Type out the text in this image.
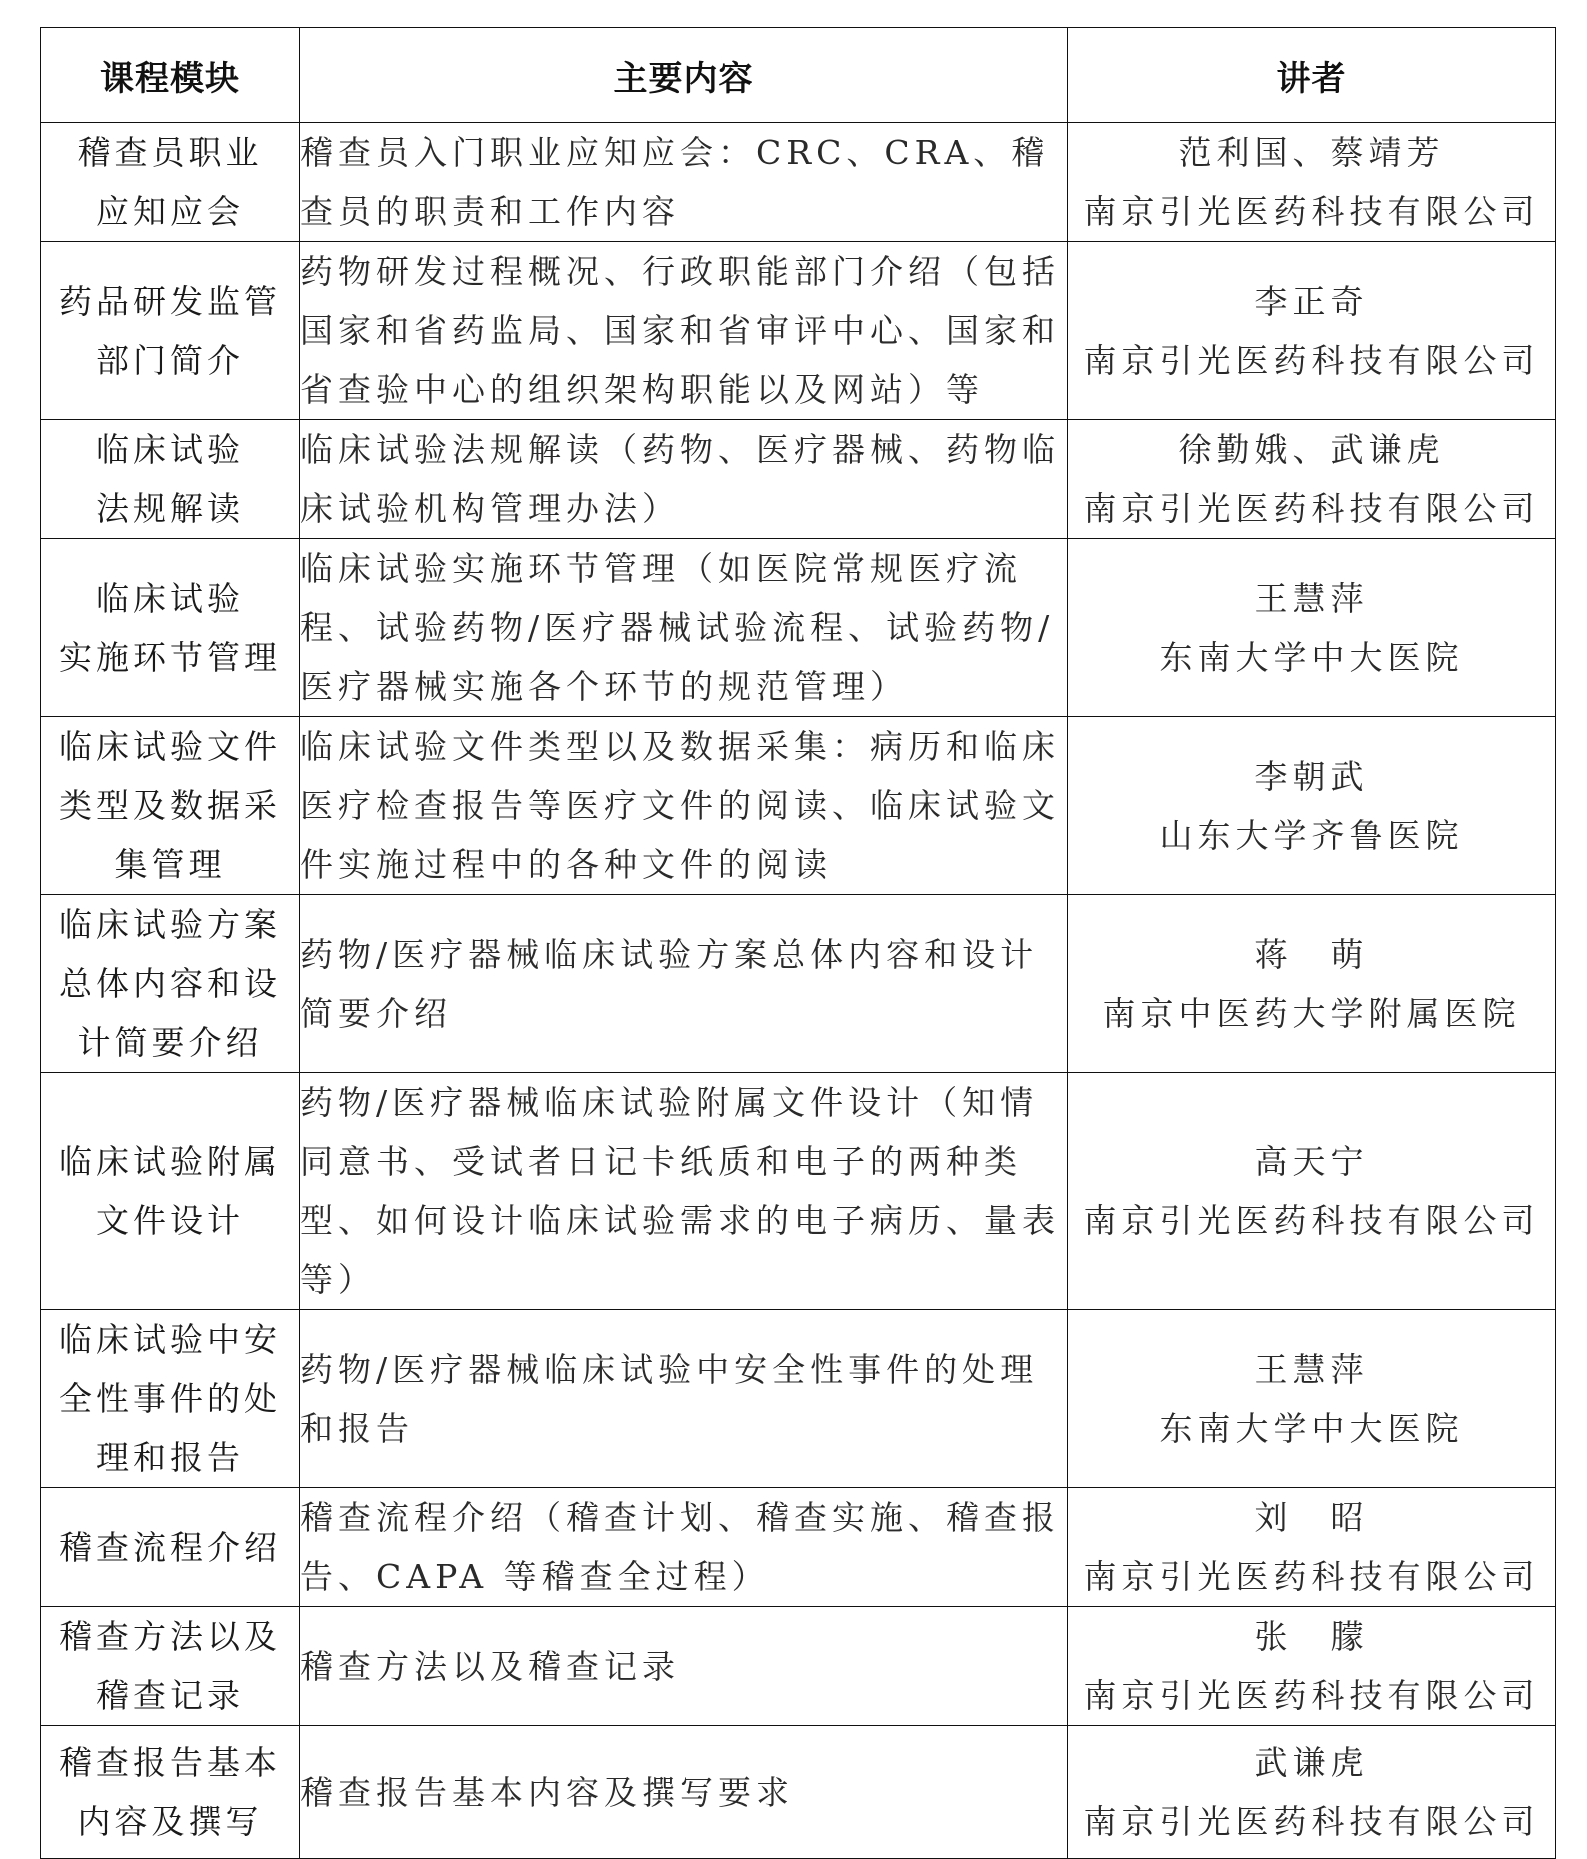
课程模块	主要内容	讲者

稽查员职业
应知应会	稽查员入门职业应知应会：CRC、CRA、稽查员的职责和工作内容	范利国、蔡靖芳
南京引光医药科技有限公司

药品研发监管
部门简介	药物研发过程概况、行政职能部门介绍（包括国家和省药监局、国家和省审评中心、国家和省查验中心的组织架构职能以及网站）等	李正奇
南京引光医药科技有限公司

临床试验
法规解读	临床试验法规解读（药物、医疗器械、药物临床试验机构管理办法）	徐勤娥、武谦虎
南京引光医药科技有限公司

临床试验
实施环节管理	临床试验实施环节管理（如医院常规医疗流程、试验药物/医疗器械试验流程、试验药物/医疗器械实施各个环节的规范管理）	王慧萍
东南大学中大医院

临床试验文件
类型及数据采
集管理	临床试验文件类型以及数据采集：病历和临床医疗检查报告等医疗文件的阅读、临床试验文件实施过程中的各种文件的阅读	李朝武
山东大学齐鲁医院

临床试验方案
总体内容和设
计简要介绍	药物/医疗器械临床试验方案总体内容和设计简要介绍	蒋　萌
南京中医药大学附属医院

临床试验附属
文件设计	药物/医疗器械临床试验附属文件设计（知情同意书、受试者日记卡纸质和电子的两种类型、如何设计临床试验需求的电子病历、量表等）	高天宁
南京引光医药科技有限公司

临床试验中安
全性事件的处
理和报告	药物/医疗器械临床试验中安全性事件的处理和报告	王慧萍
东南大学中大医院

稽查流程介绍	稽查流程介绍（稽查计划、稽查实施、稽查报告、CAPA 等稽查全过程）	刘　昭
南京引光医药科技有限公司

稽查方法以及
稽查记录	稽查方法以及稽查记录	张　朦
南京引光医药科技有限公司

稽查报告基本
内容及撰写	稽查报告基本内容及撰写要求	武谦虎
南京引光医药科技有限公司
